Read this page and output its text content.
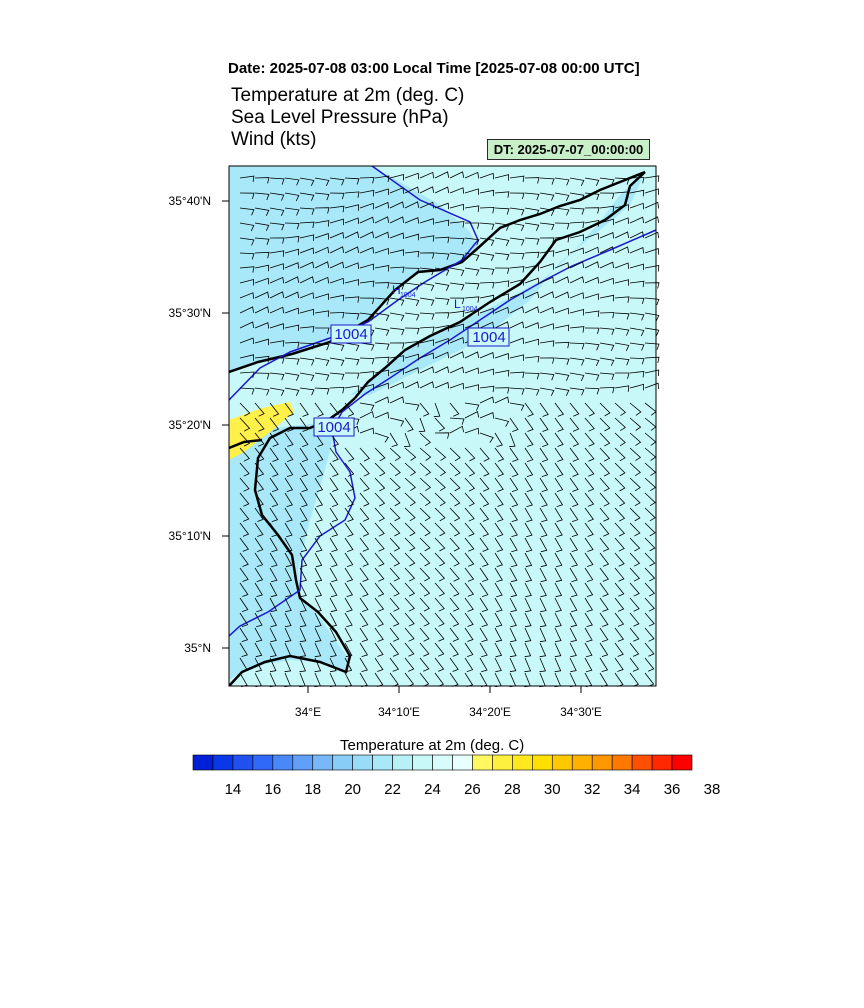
Date: 2025-07-08 03:00 Local Time [2025-07-08 00:00 UTC]
Temperature at 2m (deg. C)
Sea Level Pressure (hPa)
Wind (kts)	DT: 2025-07-07_00:00:00
1004	1004
1004
H 1004
L 1004
35°40'N
35°30'N
35°20'N
35°10'N
35°N
34°E	34°10'E	34°20'E	34°30'E
14 16 18 20 22 24 26 28 30 32 34 36 38
Temperature at 2m (deg. C)
